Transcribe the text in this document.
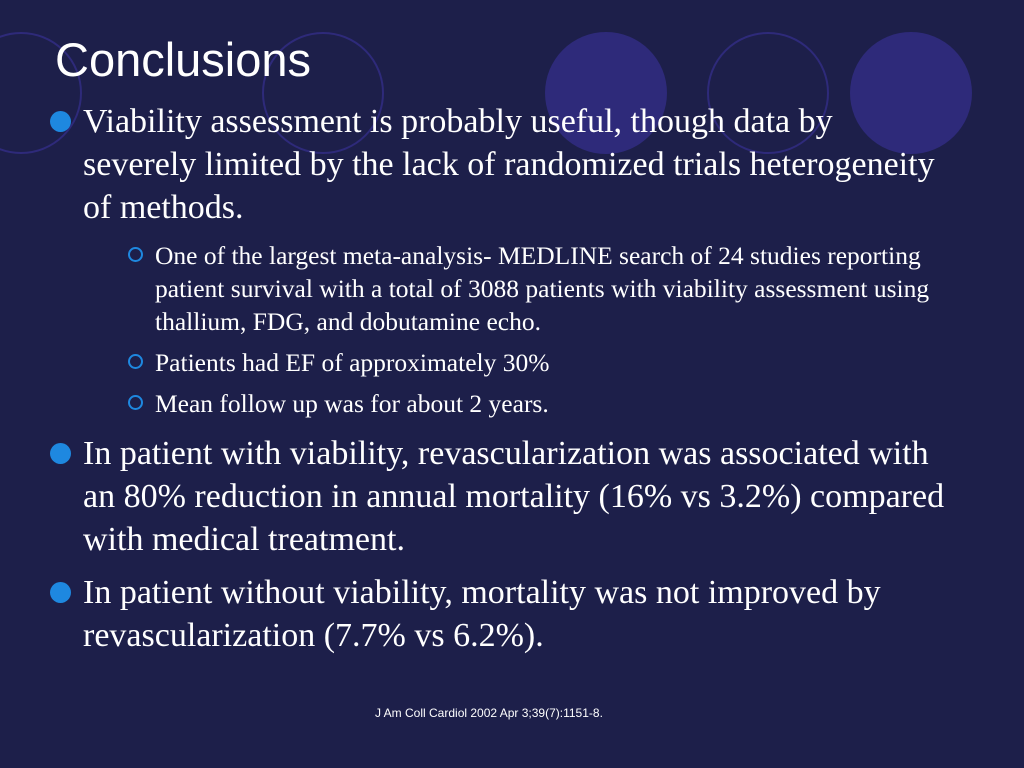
Conclusions
Viability assessment is probably useful, though data by severely limited by the lack of randomized trials heterogeneity of methods.
One of the largest meta-analysis- MEDLINE search of 24 studies reporting patient survival with a total of 3088 patients with viability assessment using thallium, FDG, and dobutamine echo.
Patients had EF of approximately 30%
Mean follow up was for about 2 years.
In patient with viability, revascularization was associated with an 80% reduction in annual mortality (16% vs 3.2%) compared with medical treatment.
In patient without viability, mortality was not improved by revascularization (7.7% vs 6.2%).
J Am Coll Cardiol 2002 Apr 3;39(7):1151-8.
